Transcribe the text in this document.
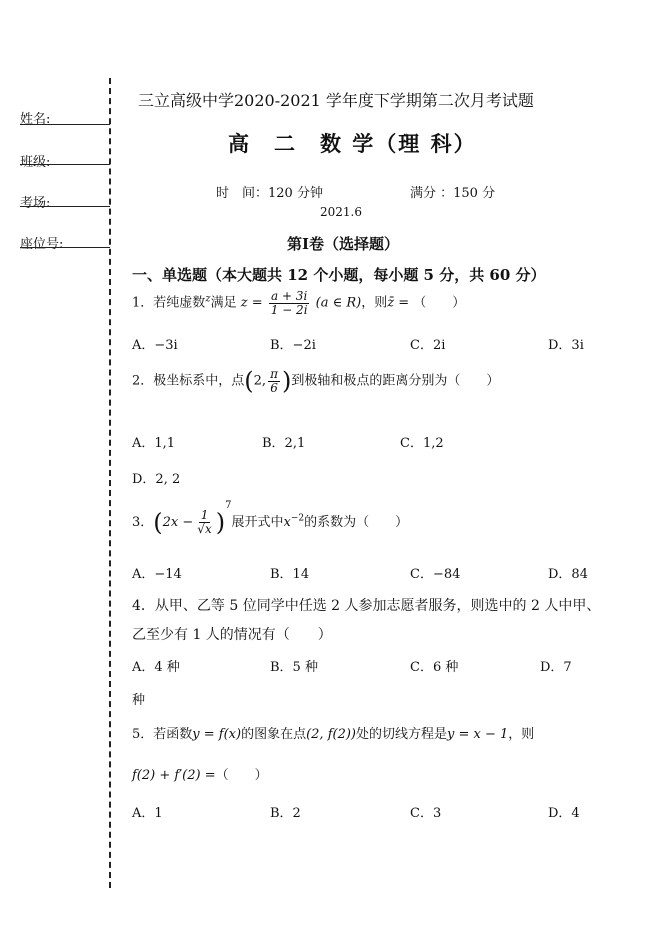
姓名:
班级:
考场:
座位号:
三立高级中学2020-2021 学年度下学期第二次月考试题
高　二　数 学（理 科）
时　间：120 分钟	满分 ：150 分
2021.6
第Ⅰ卷（选择题）
一、单选题（本大题共 12 个小题，每小题 5 分，共 60 分）
1．若纯虚数$^z$满足 $z = \frac{a + 3i}{1 - 2i} (a$ ∈ R)，则z̄ = （　　）
A．−3i	B．−2i	C．2i	D．3i
2．极坐标系中，点(2, $\frac{\pi}{6}$ )到极轴和极点的距离分别为（　　）
A．1,1	B．2,1	C．1,2
D．2, 2
3．$(2x - \frac{1}{√x} )^7$展开式中$x^{-2}$的系数为（　　）
A．−14	B．14	C．−84	D．84
4．从甲、乙等 5 位同学中任选 2 人参加志愿者服务，则选中的 2 人中甲、
乙至少有 1 人的情况有（　　）
A．4 种	B．5 种	C．6 种	D．7
种
5．若函数y = f(x)的图象在点(2, f(2))处的切线方程是y = x − 1，则
f(2) + f′(2) =（　　）
A．1	B．2	C．3	D．4
